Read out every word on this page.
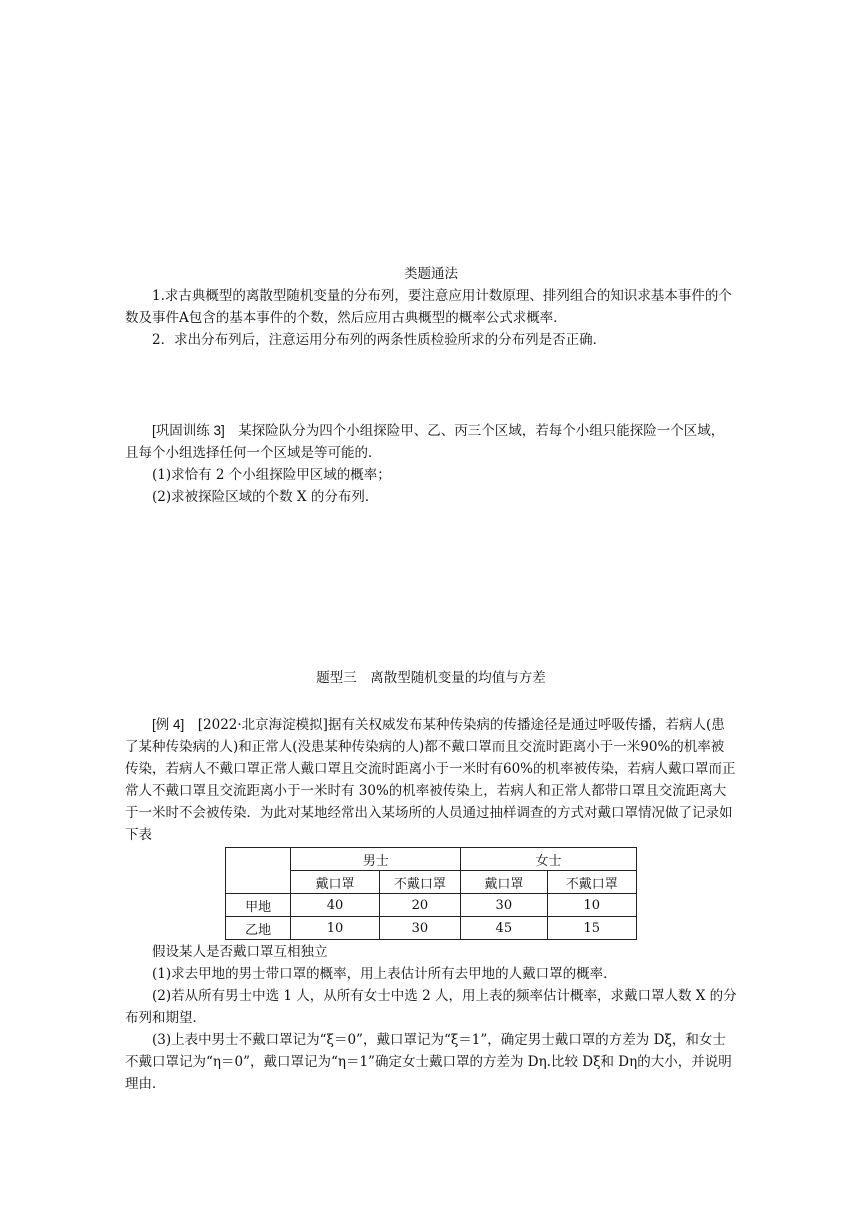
类题通法

1.求古典概型的离散型随机变量的分布列，要注意应用计数原理、排列组合的知识求基本事件的个数及事件A包含的基本事件的个数，然后应用古典概型的概率公式求概率．

2．求出分布列后，注意运用分布列的两条性质检验所求的分布列是否正确．

[巩固训练 3]　 某探险队分为四个小组探险甲、乙、丙三个区域，若每个小组只能探险一个区域，且每个小组选择任何一个区域是等可能的．

(1)求恰有 2 个小组探险甲区域的概率；

(2)求被探险区域的个数 X 的分布列．

题型三　离散型随机变量的均值与方差

[例 4]　 [2022·北京海淀模拟]据有关权威发布某种传染病的传播途径是通过呼吸传播，若病人(患了某种传染病的人)和正常人(没患某种传染病的人)都不戴口罩而且交流时距离小于一米90%的机率被传染，若病人不戴口罩正常人戴口罩且交流时距离小于一米时有60%的机率被传染，若病人戴口罩而正常人不戴口罩且交流距离小于一米时有 30%的机率被传染上，若病人和正常人都带口罩且交流距离大于一米时不会被传染．为此对某地经常出入某场所的人员通过抽样调查的方式对戴口罩情况做了记录如下表

	男士		女士	
	戴口罩	不戴口罩	戴口罩	不戴口罩
甲地	40	20	30	10
乙地	10	30	45	15

假设某人是否戴口罩互相独立

(1)求去甲地的男士带口罩的概率，用上表估计所有去甲地的人戴口罩的概率．

(2)若从所有男士中选 1 人，从所有女士中选 2 人，用上表的频率估计概率，求戴口罩人数 X 的分布列和期望．

(3)上表中男士不戴口罩记为“ξ＝0”，戴口罩记为“ξ＝1”，确定男士戴口罩的方差为 Dξ，和女士不戴口罩记为“η＝0”，戴口罩记为“η＝1”确定女士戴口罩的方差为 Dη.比较 Dξ和 Dη的大小，并说明理由．
